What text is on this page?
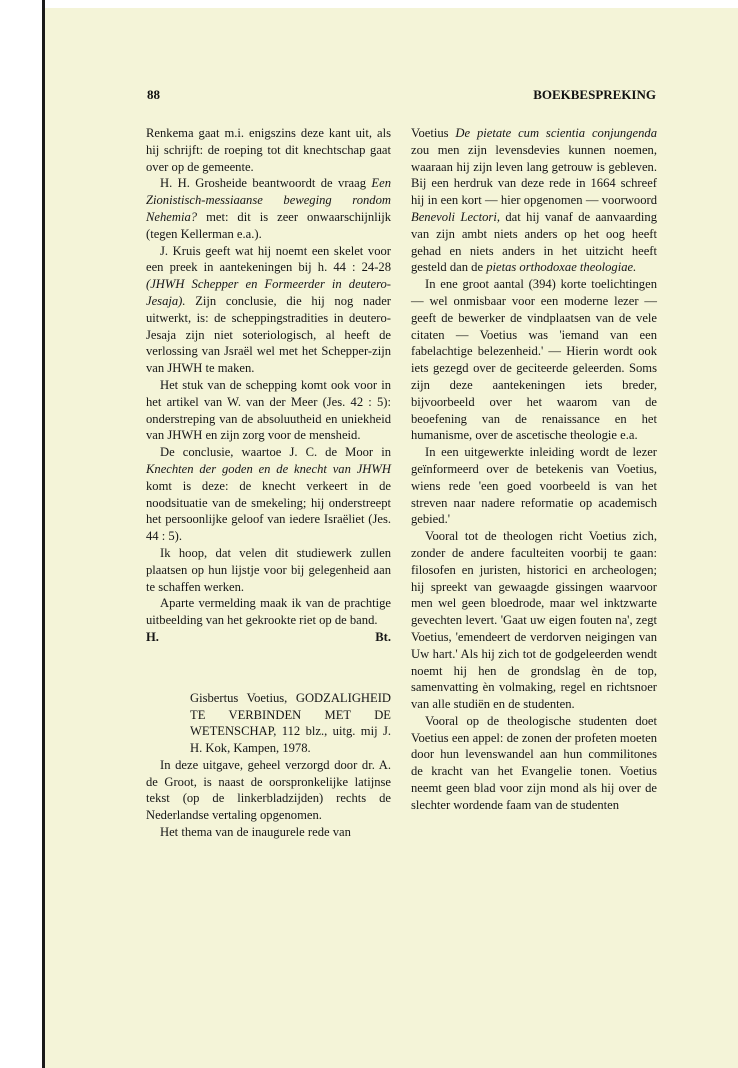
88	BOEKBESPREKING

Renkema gaat m.i. enigszins deze kant uit, als hij schrijft: de roeping tot dit knechtschap gaat over op de gemeente.

H. H. Grosheide beantwoordt de vraag Een Zionistisch-messiaanse beweging rondom Nehemia? met: dit is zeer onwaarschijnlijk (tegen Kellerman e.a.).

J. Kruis geeft wat hij noemt een skelet voor een preek in aantekeningen bij h. 44 : 24-28 (JHWH Schepper en Formeerder in deutero-Jesaja). Zijn conclusie, die hij nog nader uitwerkt, is: de scheppingstradities in deutero-Jesaja zijn niet soteriologisch, al heeft de verlossing van Jsraël wel met het Schepper-zijn van JHWH te maken.

Het stuk van de schepping komt ook voor in het artikel van W. van der Meer (Jes. 42 : 5): onderstreping van de absoluutheid en uniekheid van JHWH en zijn zorg voor de mensheid.

De conclusie, waartoe J. C. de Moor in Knechten der goden en de knecht van JHWH komt is deze: de knecht verkeert in de noodsituatie van de smekeling; hij onderstreept het persoonlijke geloof van iedere Israëliet (Jes. 44 : 5).

Ik hoop, dat velen dit studiewerk zullen plaatsen op hun lijstje voor bij gelegenheid aan te schaffen werken.

Aparte vermelding maak ik van de prachtige uitbeelding van het gekrookte riet op de band.

H.	Bt.
Gisbertus Voetius, GODZALIGHEID TE VERBINDEN MET DE WETENSCHAP, 112 blz., uitg. mij J. H. Kok, Kampen, 1978.

In deze uitgave, geheel verzorgd door dr. A. de Groot, is naast de oorspronkelijke latijnse tekst (op de linkerbladzijden) rechts de Nederlandse vertaling opgenomen.

Het thema van de inaugurele rede van

Voetius De pietate cum scientia conjungenda zou men zijn levensdevies kunnen noemen, waaraan hij zijn leven lang getrouw is gebleven. Bij een herdruk van deze rede in 1664 schreef hij in een kort — hier opgenomen — voorwoord Benevoli Lectori, dat hij vanaf de aanvaarding van zijn ambt niets anders op het oog heeft gehad en niets anders in het uitzicht heeft gesteld dan de pietas orthodoxae theologiae.

In ene groot aantal (394) korte toelichtingen — wel onmisbaar voor een moderne lezer — geeft de bewerker de vindplaatsen van de vele citaten — Voetius was 'iemand van een fabelachtige belezenheid.' — Hierin wordt ook iets gezegd over de geciteerde geleerden. Soms zijn deze aantekeningen iets breder, bijvoorbeeld over het waarom van de beoefening van de renaissance en het humanisme, over de ascetische theologie e.a.

In een uitgewerkte inleiding wordt de lezer geïnformeerd over de betekenis van Voetius, wiens rede 'een goed voorbeeld is van het streven naar nadere reformatie op academisch gebied.'

Vooral tot de theologen richt Voetius zich, zonder de andere faculteiten voorbij te gaan: filosofen en juristen, historici en archeologen; hij spreekt van gewaagde gissingen waarvoor men wel geen bloedrode, maar wel inktzwarte gevechten levert. 'Gaat uw eigen fouten na', zegt Voetius, 'emendeert de verdorven neigingen van Uw hart.' Als hij zich tot de godgeleerden wendt noemt hij hen de grondslag èn de top, samenvatting èn volmaking, regel en richtsnoer van alle studiën en de studenten.

Vooral op de theologische studenten doet Voetius een appel: de zonen der profeten moeten door hun levenswandel aan hun commilitones de kracht van het Evangelie tonen. Voetius neemt geen blad voor zijn mond als hij over de slechter wordende faam van de studenten
